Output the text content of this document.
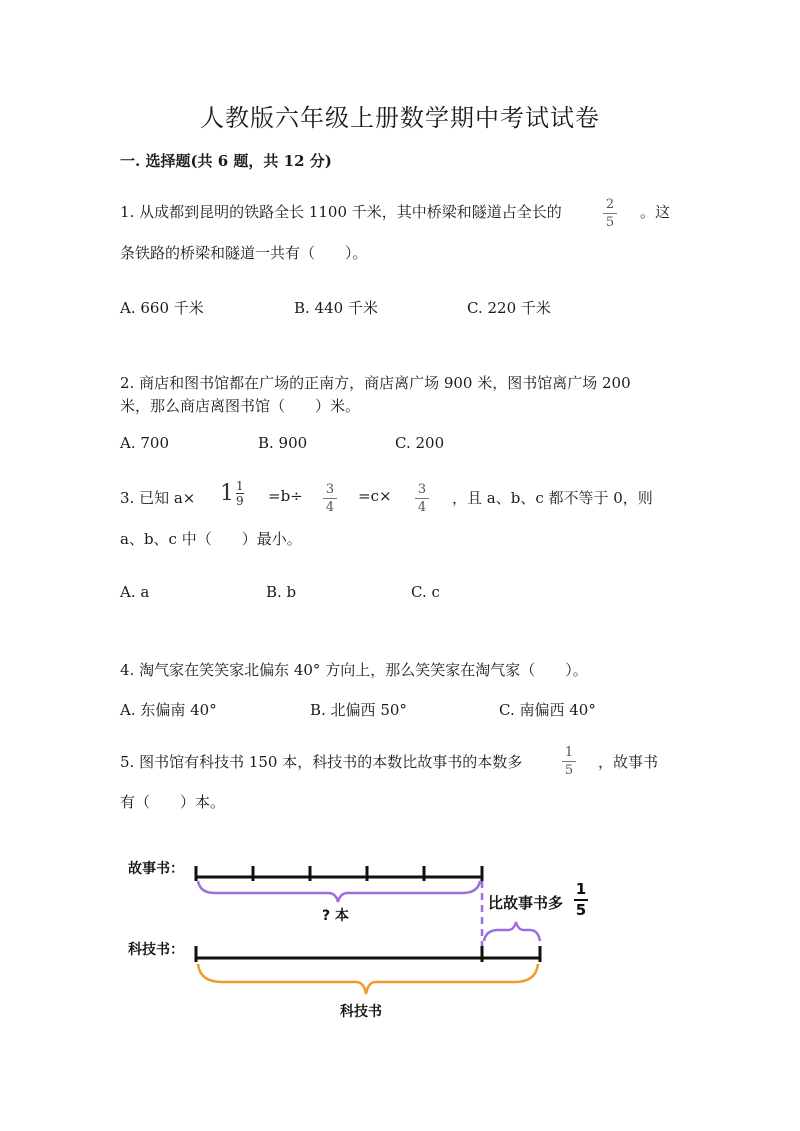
人教版六年级上册数学期中考试试卷
一. 选择题(共 6 题，共 12 分)
1. 从成都到昆明的铁路全长 1100 千米，其中桥梁和隧道占全长的	2
5
。这
条铁路的桥梁和隧道一共有（　　）。
A. 660 千米	B. 440 千米	C. 220 千米
2. 商店和图书馆都在广场的正南方，商店离广场 900 米，图书馆离广场 200
米，那么商店离图书馆（　　）米。
A. 700	B. 900	C. 200
3. 已知 $a\times 1 \frac{1}{9} =b\div 3$
4
=c× 3
4
，且 a、b、c 都不等于 0，则
a、b、c 中（　　）最小。
A. a	B. b	C. c
4. 淘气家在笑笑家北偏东 40° 方向上，那么笑笑家在淘气家（　　）。
A. 东偏南 40°	B. 北偏西 50°	C. 南偏西 40°
5. 图书馆有科技书 150 本，科技书的本数比故事书的本数多
1
5 ，故事书
有（　　）本。
故事书：
科技书：
? 本
比故事书多
1
5
科技书
